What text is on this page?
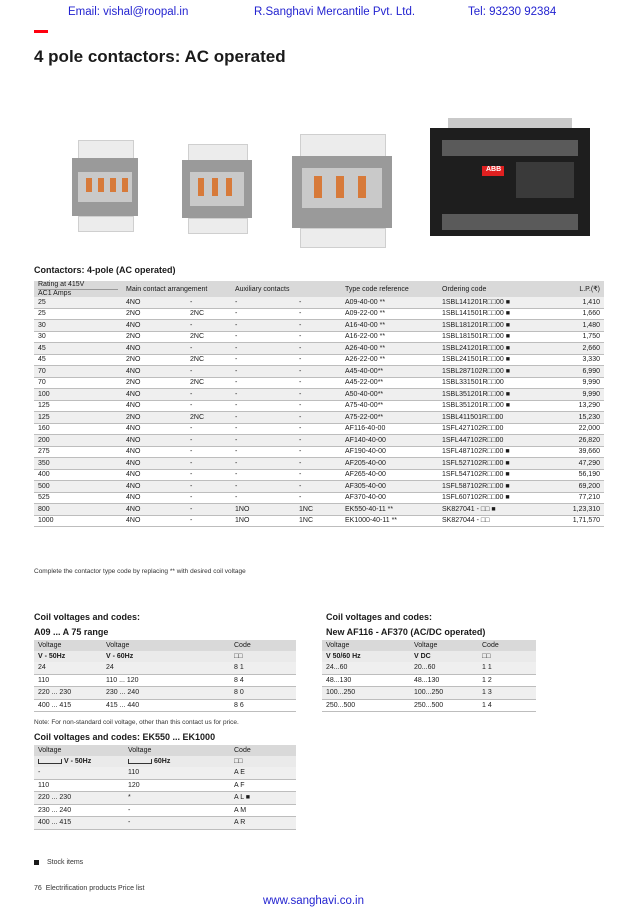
Email: vishal@roopal.in	R.Sanghavi Mercantile Pvt. Ltd.	Tel: 93230 92384
4 pole contactors: AC operated
ABB
Contactors: 4-pole (AC operated)
Rating at 415V
AC1 Amps	Main contact arrangement		Auxiliary contacts		Type code reference	Ordering code	L.P.(₹)
25	4NO	-	-	-	A09-40-00 **	1SBL141201R□□00 ■	1,410
25	2NO	2NC	-	-	A09-22-00 **	1SBL141501R□□00 ■	1,660
30	4NO	-	-	-	A16-40-00 **	1SBL181201R□□00 ■	1,480
30	2NO	2NC	-	-	A16-22-00 **	1SBL181501R□□00 ■	1,750
45	4NO	-	-	-	A26-40-00 **	1SBL241201R□□00 ■	2,660
45	2NO	2NC	-	-	A26-22-00 **	1SBL241501R□□00 ■	3,330
70	4NO	-	-	-	A45-40-00**	1SBL287102R□□00 ■	6,990
70	2NO	2NC	-	-	A45-22-00**	1SBL331501R□□00	9,990
100	4NO	-	-	-	A50-40-00**	1SBL351201R□□00 ■	9,990
125	4NO	-	-	-	A75-40-00**	1SBL351201R□□00 ■	13,290
125	2NO	2NC	-	-	A75-22-00**	1SBL411501R□□00	15,230
160	4NO	-	-	-	AF116-40-00	1SFL427102R□□00	22,000
200	4NO	-	-	-	AF140-40-00	1SFL447102R□□00	26,820
275	4NO	-	-	-	AF190-40-00	1SFL487102R□□00 ■	39,660
350	4NO	-	-	-	AF205-40-00	1SFL527102R□□00 ■	47,290
400	4NO	-	-	-	AF265-40-00	1SFL547102R□□00 ■	56,190
500	4NO	-	-	-	AF305-40-00	1SFL587102R□□00 ■	69,200
525	4NO	-	-	-	AF370-40-00	1SFL607102R□□00 ■	77,210
800	4NO	-	1NO	1NC	EK550-40-11 **	SK827041 - □□ ■	1,23,310
1000	4NO	-	1NO	1NC	EK1000-40-11 **	SK827044 - □□	1,71,570
Complete the contactor type code by replacing ** with desired coil voltage
Coil voltages and codes:
A09 ... A 75 range
Voltage	Voltage	Code
V - 50Hz	V - 60Hz	□□
24	24	8 1
110	110 ... 120	8 4
220 ... 230	230 ... 240	8 0
400 ... 415	415 ... 440	8 6
Note: For non-standard coil voltage, other than this contact us for price.
Coil voltages and codes:
New AF116 - AF370 (AC/DC operated)
Voltage	Voltage	Code
V 50/60 Hz	V DC	□□
24...60	20...60	1 1
48...130	48...130	1 2
100...250	100...250	1 3
250...500	250...500	1 4
Coil voltages and codes: EK550 ... EK1000
Voltage	Voltage	Code
V - 50Hz	60Hz	□□
-	110	A E
110	120	A F
220 ... 230	*	A L ■
230 ... 240	-	A M
400 ... 415	-	A R
Stock items
76 Electrification products Price list
www.sanghavi.co.in
